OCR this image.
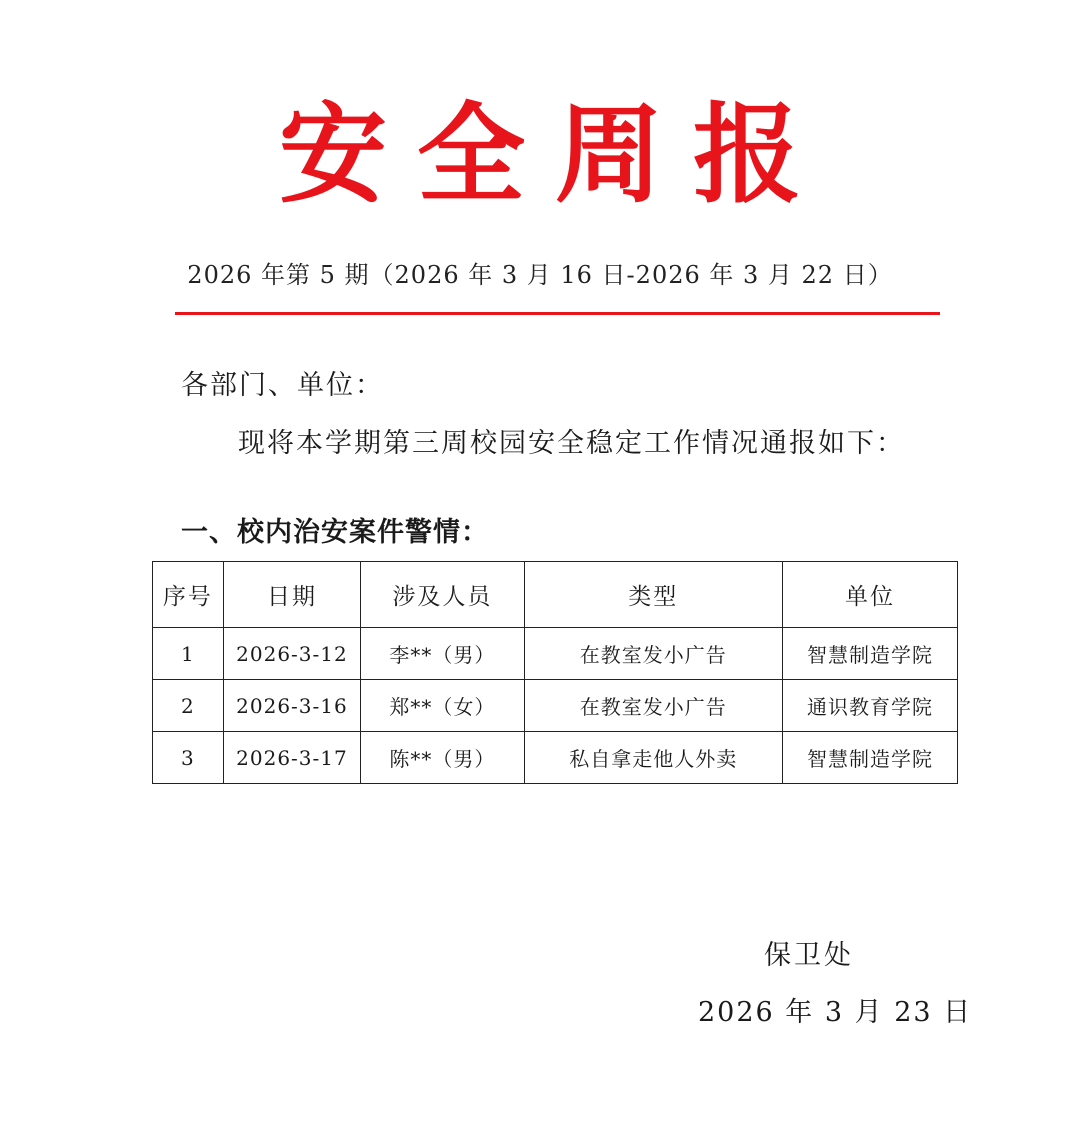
安全周报
2026 年第 5 期（2026 年 3 月 16 日-2026 年 3 月 22 日）
各部门、单位：
现将本学期第三周校园安全稳定工作情况通报如下：
一、校内治安案件警情：
序号	日期	涉及人员	类型	单位
1	2026-3-12	李**（男）	在教室发小广告	智慧制造学院
2	2026-3-16	郑**（女）	在教室发小广告	通识教育学院
3	2026-3-17	陈**（男）	私自拿走他人外卖	智慧制造学院
保卫处
2026 年 3 月 23 日
